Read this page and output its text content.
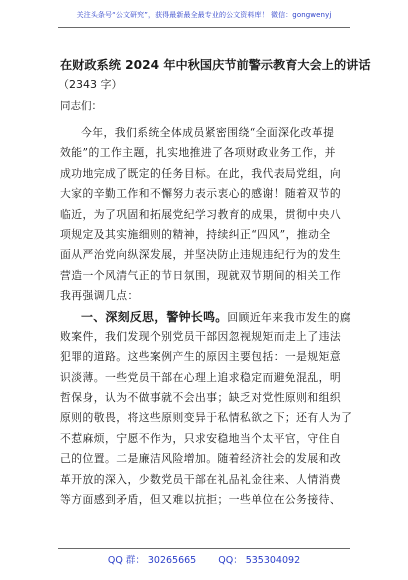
关注头条号“公文研究”，获得最新最全最专业的公文资料库！ 微信：gongwenyj
在财政系统 2024 年中秋国庆节前警示教育大会上的讲话
（2343 字）
同志们：
今年，我们系统全体成员紧密围绕“全面深化改革提
效能”的工作主题，扎实地推进了各项财政业务工作，并
成功地完成了既定的任务目标。在此，我代表局党组，向
大家的辛勤工作和不懈努力表示衷心的感谢！随着双节的
临近，为了巩固和拓展党纪学习教育的成果，贯彻中央八
项规定及其实施细则的精神，持续纠正“四风”，推动全
面从严治党向纵深发展，并坚决防止违规违纪行为的发生
营造一个风清气正的节日氛围，现就双节期间的相关工作
我再强调几点：
一、深刻反思，警钟长鸣。回顾近年来我市发生的腐
败案件，我们发现个别党员干部因忽视规矩而走上了违法
犯罪的道路。这些案例产生的原因主要包括：一是规矩意
识淡薄。一些党员干部在心理上追求稳定而避免混乱，明
哲保身，认为不做事就不会出事；缺乏对党性原则和组织
原则的敬畏，将这些原则变异于私情私欲之下；还有人为了
不惹麻烦，宁愿不作为，只求安稳地当个太平官，守住自
己的位置。二是廉洁风险增加。随着经济社会的发展和改
革开放的深入，少数党员干部在礼品礼金往来、人情消费
等方面感到矛盾，但又难以抗拒；一些单位在公务接待、
QQ 群： 30265665 QQ： 535304092
